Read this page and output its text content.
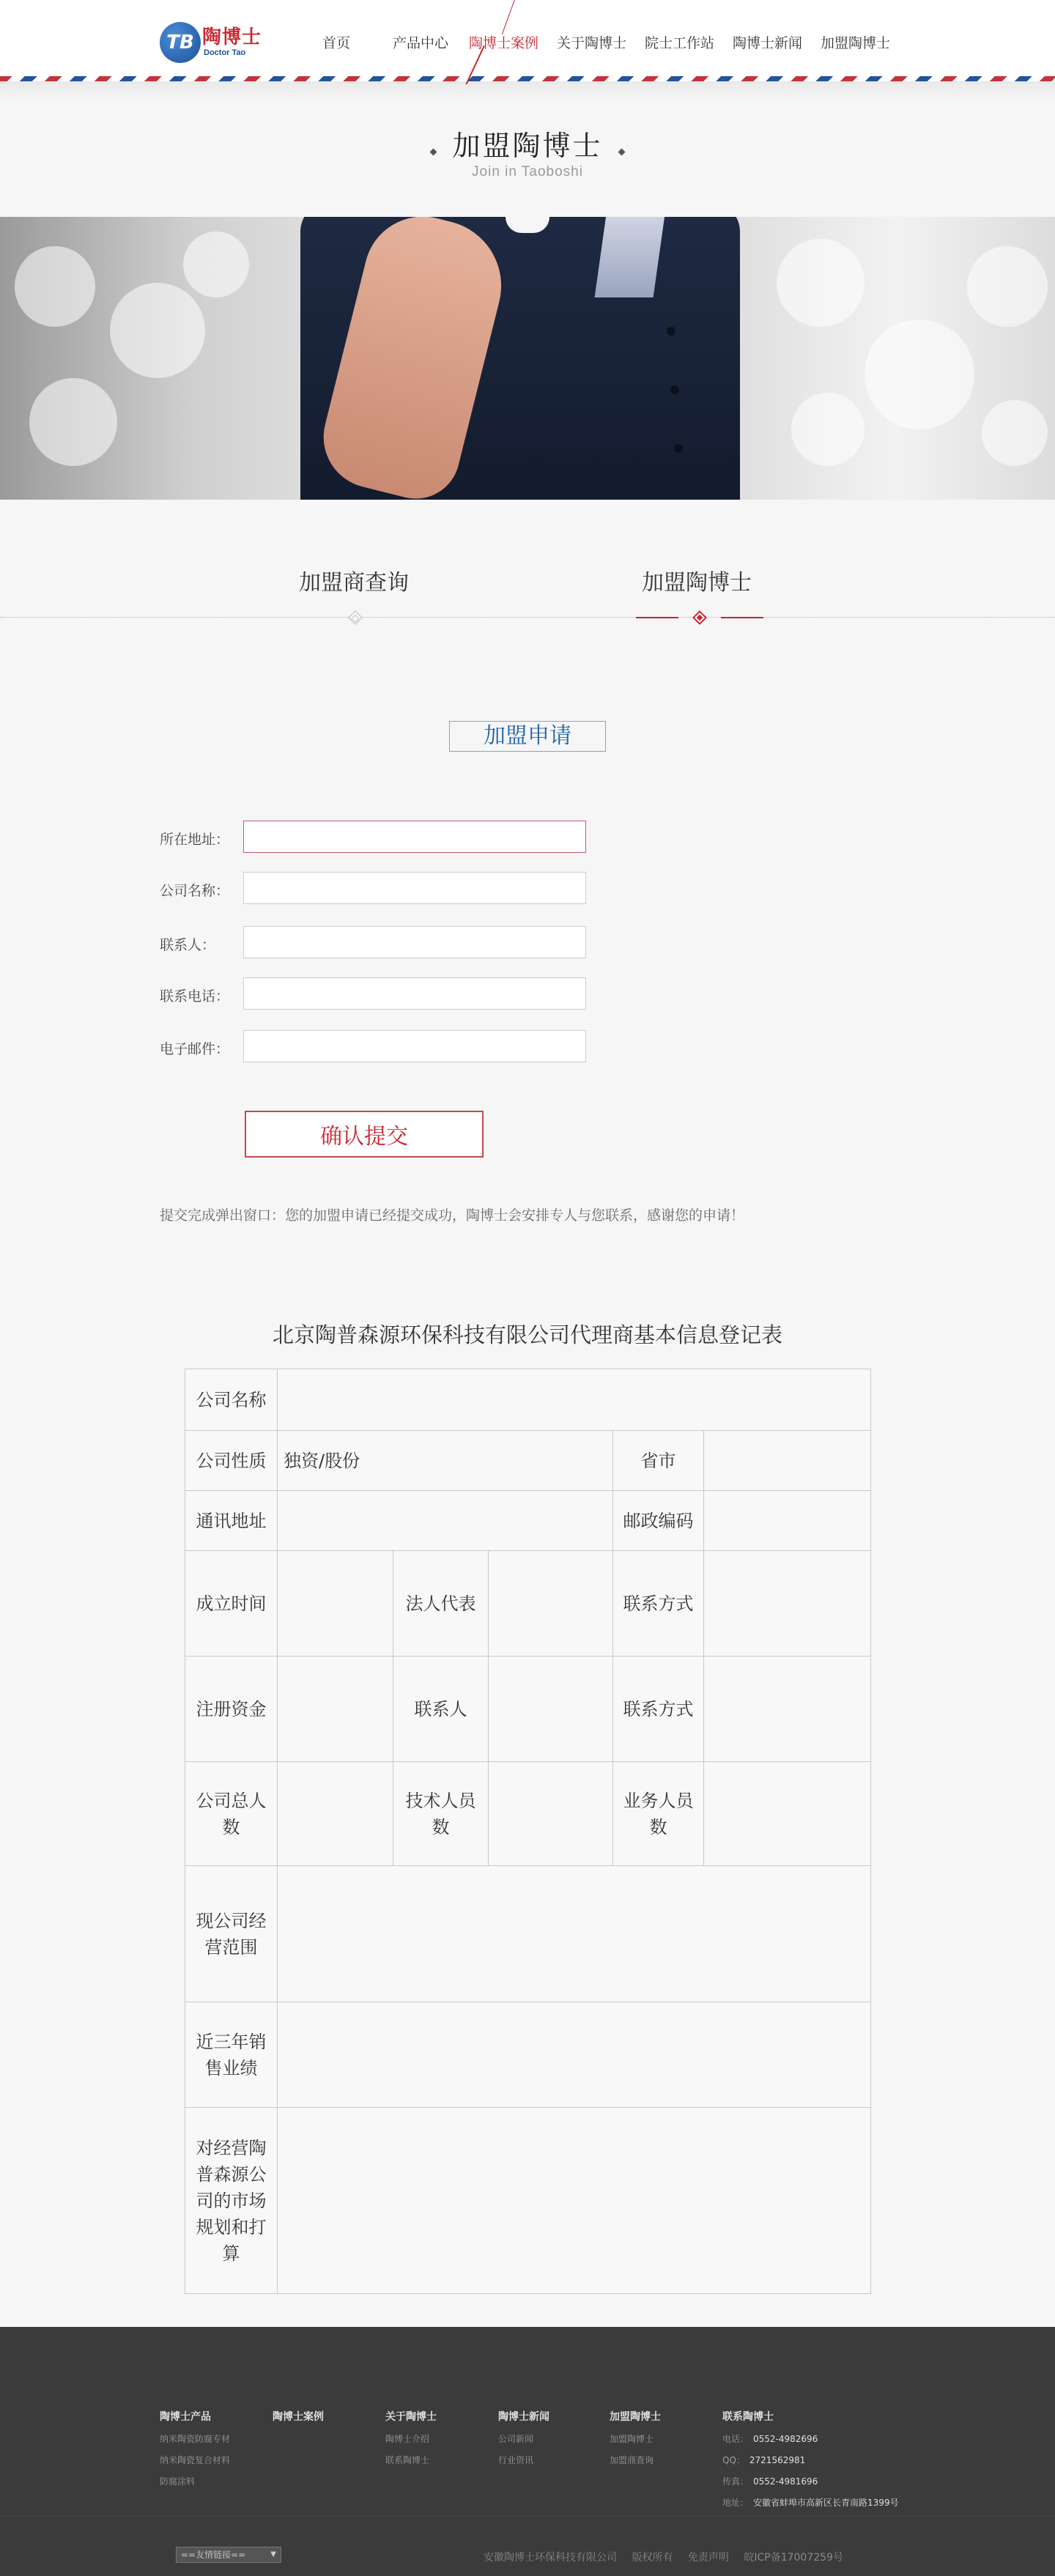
TB 陶博士
Doctor Tao
首页	产品中心 陶博士案例 关于陶博士 院士工作站 陶博士新闻 加盟陶博士
加盟陶博士
Join in Taoboshi
加盟商查询	加盟陶博士
加盟申请
所在地址：
公司名称：
联系人：
联系电话：
电子邮件：
确认提交
提交完成弹出窗口：您的加盟申请已经提交成功，陶博士会安排专人与您联系，感谢您的申请！
北京陶普森源环保科技有限公司代理商基本信息登记表
公司名称					
公司性质	独资/股份			省市	
通讯地址				邮政编码	
成立时间		法人代表		联系方式	
注册资金		联系人		联系方式	
公司总人数		技术人员数		业务人员数	
现公司经营范围					
近三年销售业绩					
对经营陶普森源公司的市场规划和打算					
陶博士产品
纳米陶瓷防腐专材
纳米陶瓷复合材料
防腐涂料
陶博士案例	关于陶博士
陶博士介绍
联系陶博士
陶博士新闻
公司新闻
行业资讯
加盟陶博士
加盟陶博士
加盟商查询
联系陶博士
电话： 0552-4982696
QQ： 2721562981
传真： 0552-4981696
地址： 安徽省蚌埠市高新区长青南路1399号
==友情链接==	▼	安徽陶博士环保科技有限公司 版权所有 免责声明 皖ICP备17007259号
